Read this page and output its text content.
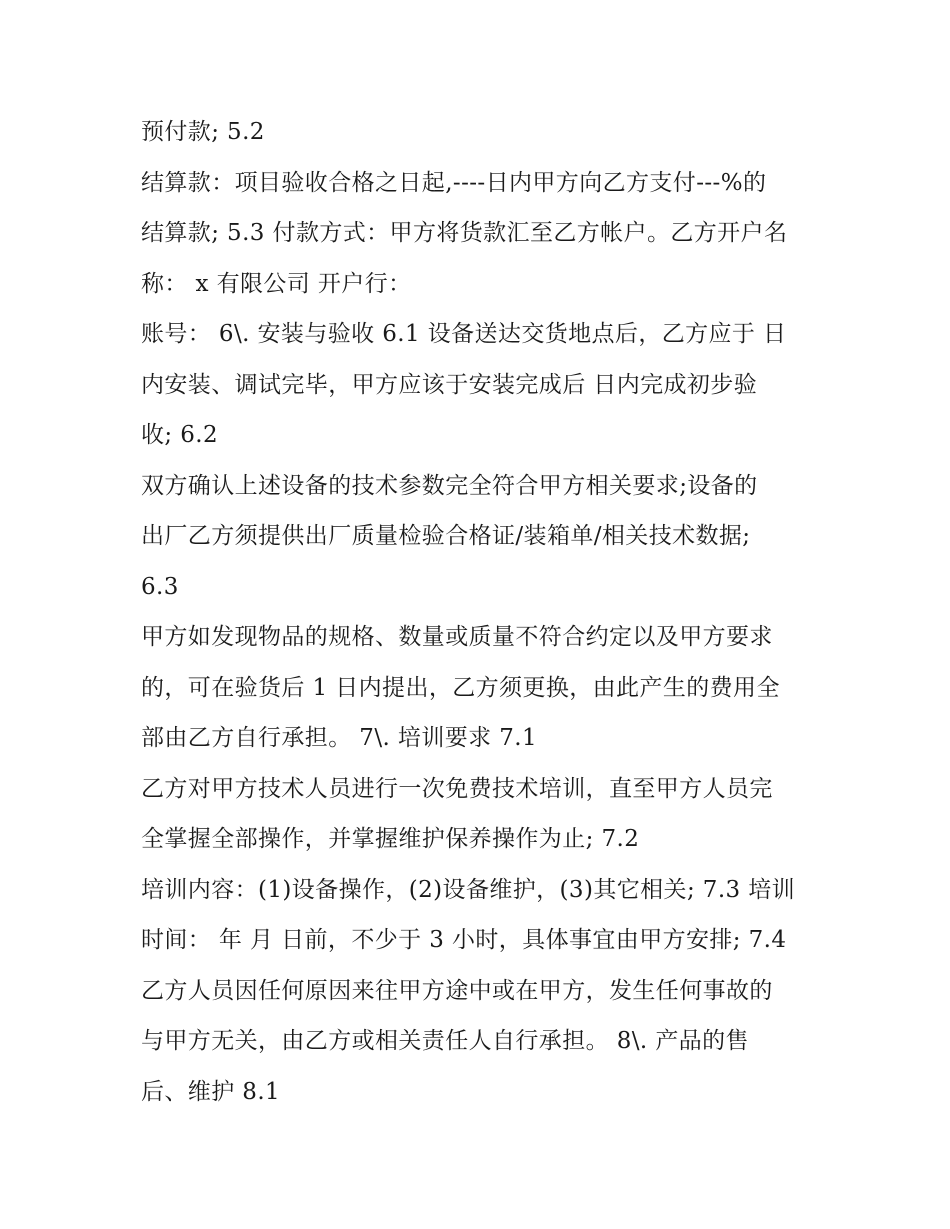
预付款; 5.2
结算款：项目验收合格之日起,----日内甲方向乙方支付---%的
结算款; 5.3 付款方式：甲方将货款汇至乙方帐户。乙方开户名
称： x 有限公司 开户行：
账号： 6\. 安装与验收 6.1 设备送达交货地点后，乙方应于 日
内安装、调试完毕，甲方应该于安装完成后 日内完成初步验
收; 6.2
双方确认上述设备的技术参数完全符合甲方相关要求;设备的
出厂乙方须提供出厂质量检验合格证/装箱单/相关技术数据;
6.3
甲方如发现物品的规格、数量或质量不符合约定以及甲方要求
的，可在验货后 1 日内提出，乙方须更换，由此产生的费用全
部由乙方自行承担。 7\. 培训要求 7.1
乙方对甲方技术人员进行一次免费技术培训，直至甲方人员完
全掌握全部操作，并掌握维护保养操作为止; 7.2
培训内容：(1)设备操作，(2)设备维护，(3)其它相关; 7.3 培训
时间： 年 月 日前，不少于 3 小时，具体事宜由甲方安排; 7.4
乙方人员因任何原因来往甲方途中或在甲方，发生任何事故的
与甲方无关，由乙方或相关责任人自行承担。 8\. 产品的售
后、维护 8.1
